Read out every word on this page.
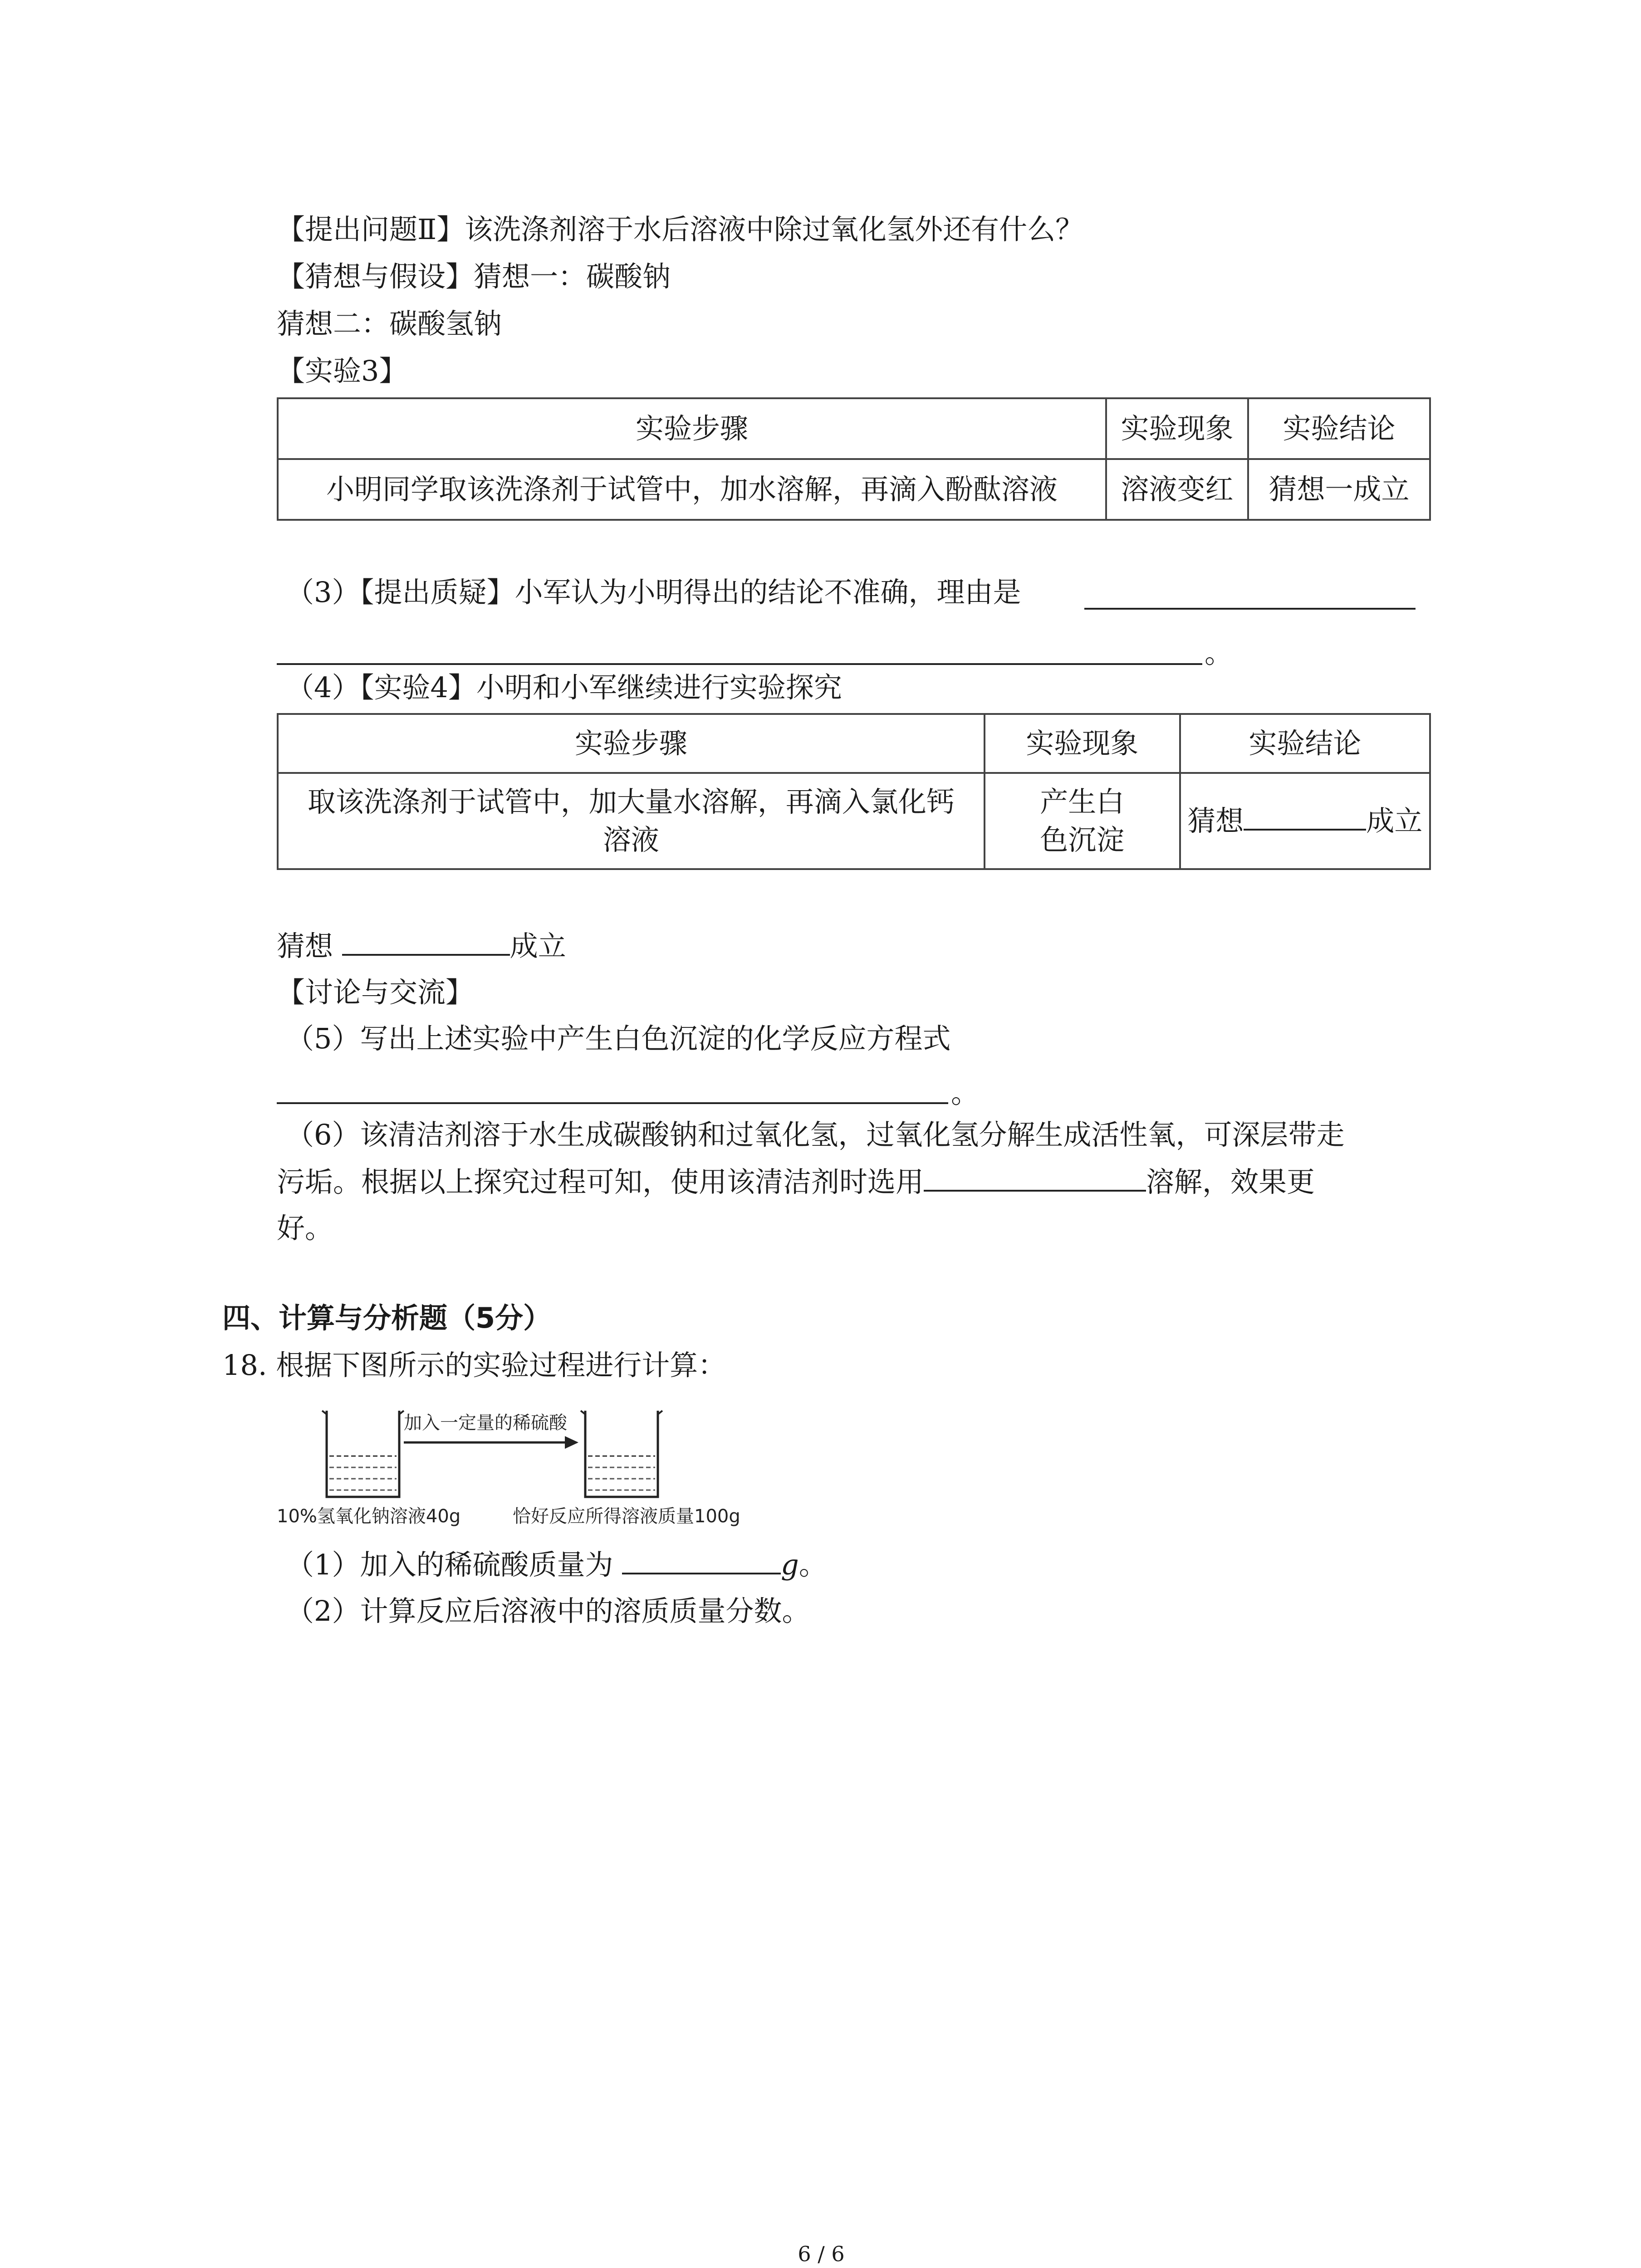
【提出问题Ⅱ】该洗涤剂溶于水后溶液中除过氧化氢外还有什么？
【猜想与假设】猜想一：碳酸钠
猜想二：碳酸氢钠
【实验3】
实验步骤	实验现象	实验结论
小明同学取该洗涤剂于试管中，加水溶解，再滴入酚酞溶液	溶液变红	猜想一成立
（3）【提出质疑】小军认为小明得出的结论不准确，理由是
。
（4）【实验4】小明和小军继续进行实验探究
实验步骤	实验现象	实验结论
取该洗涤剂于试管中，加大量水溶解，再滴入氯化钙溶液	产生白色沉淀	猜想 成立
猜想	成立
【讨论与交流】
（5）写出上述实验中产生白色沉淀的化学反应方程式
。
（6）该清洁剂溶于水生成碳酸钠和过氧化氢，过氧化氢分解生成活性氧，可深层带走
污垢。根据以上探究过程可知，使用该清洁剂时选用	溶解，效果更
好。
四、计算与分析题（5分）
18. 根据下图所示的实验过程进行计算：
加入一定量的稀硫酸
10%氢氧化钠溶液40g	恰好反应所得溶液质量100g
（1）加入的稀硫酸质量为	g。
（2）计算反应后溶液中的溶质质量分数。
6 / 6
